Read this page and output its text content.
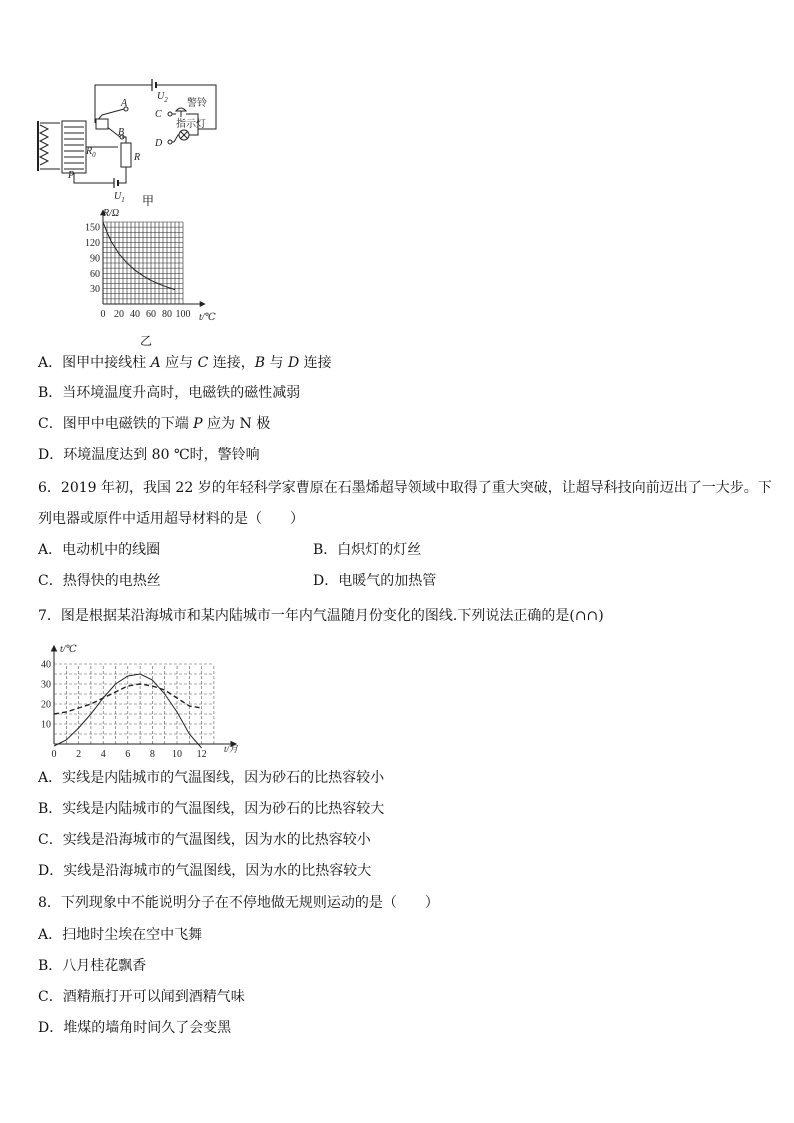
$U_2$
A
B
C
D
警铃
指示灯
$R_0$	R
P
$U_1$ 甲
0 20 40 60 80 100
30
60
90
120
150
R/Ω
t/℃
乙
A．图甲中接线柱 A 应与 C 连接，B 与 D 连接
B．当环境温度升高时，电磁铁的磁性减弱
C．图甲中电磁铁的下端 P 应为 N 极
D．环境温度达到 80 ℃时，警铃响
6．2019 年初，我国 22 岁的年轻科学家曹原在石墨烯超导领域中取得了重大突破，让超导科技向前迈出了一大步。下
列电器或原件中适用超导材料的是（　　）
A．电动机中的线圈	B．白炽灯的灯丝
C．热得快的电热丝	D．电暖气的加热管
7．图是根据某沿海城市和某内陆城市一年内气温随月份变化的图线.下列说法正确的是(∩∩)
0 2 4 6 8 10 12
10
20
30
40
t/℃
t/月
A．实线是内陆城市的气温图线，因为砂石的比热容较小
B．实线是内陆城市的气温图线，因为砂石的比热容较大
C．实线是沿海城市的气温图线，因为水的比热容较小
D．实线是沿海城市的气温图线，因为水的比热容较大
8．下列现象中不能说明分子在不停地做无规则运动的是（　　）
A．扫地时尘埃在空中飞舞
B．八月桂花飘香
C．酒精瓶打开可以闻到酒精气味
D．堆煤的墙角时间久了会变黑
